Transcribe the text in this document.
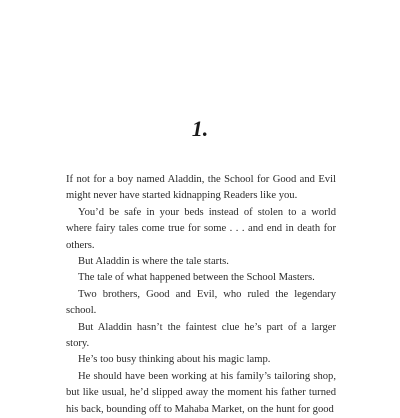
1.

If not for a boy named Aladdin, the School for Good and Evil might never have started kidnapping Readers like you.

You’d be safe in your beds instead of stolen to a world where fairy tales come true for some . . . and end in death for others.

But Aladdin is where the tale starts.

The tale of what happened between the School Masters.

Two brothers, Good and Evil, who ruled the legendary school.

But Aladdin hasn’t the faintest clue he’s part of a larger story.

He’s too busy thinking about his magic lamp.

He should have been working at his family’s tailoring shop, but like usual, he’d slipped away the moment his father turned his back, bounding off to Mahaba Market, on the hunt for good
